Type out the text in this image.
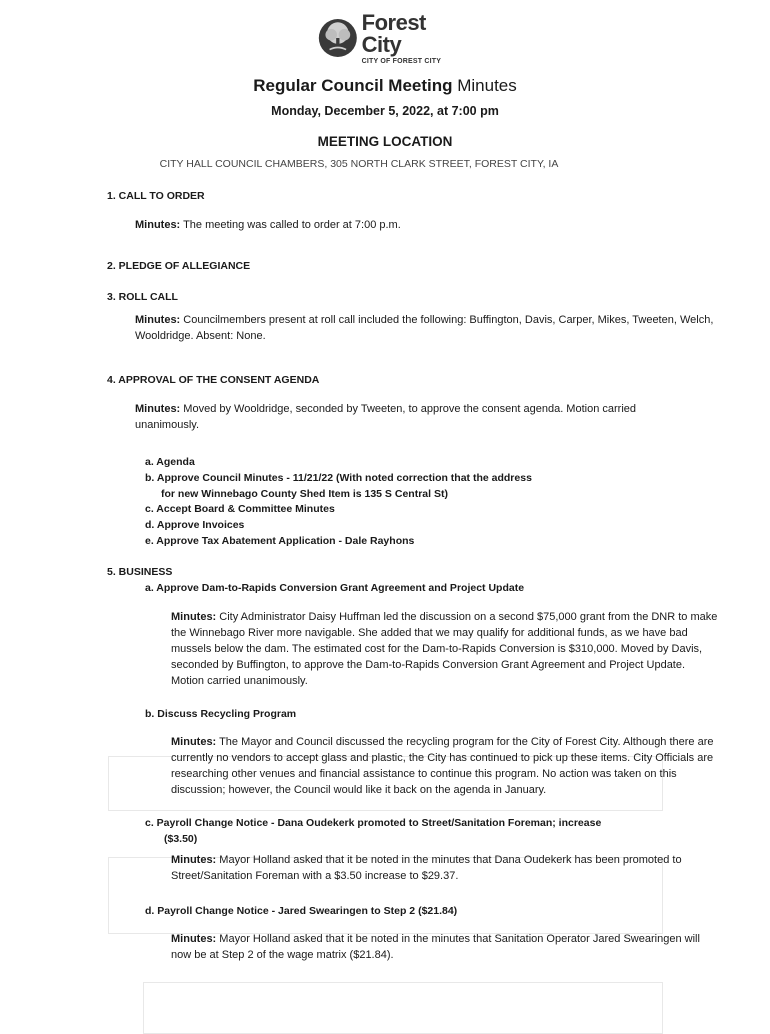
Forest City
CITY OF FOREST CITY
Regular Council Meeting Minutes
Monday, December 5, 2022, at 7:00 pm
MEETING LOCATION
CITY HALL COUNCIL CHAMBERS, 305 NORTH CLARK STREET, FOREST CITY, IA
1. CALL TO ORDER
Minutes: The meeting was called to order at 7:00 p.m.
2. PLEDGE OF ALLEGIANCE
3. ROLL CALL
Minutes: Councilmembers present at roll call included the following: Buffington, Davis, Carper, Mikes, Tweeten, Welch, Wooldridge. Absent: None.
4. APPROVAL OF THE CONSENT AGENDA
Minutes: Moved by Wooldridge, seconded by Tweeten, to approve the consent agenda. Motion carried unanimously.
a. Agenda
b. Approve Council Minutes - 11/21/22 (With noted correction that the address
for new Winnebago County Shed Item is 135 S Central St)
c. Accept Board & Committee Minutes
d. Approve Invoices
e. Approve Tax Abatement Application - Dale Rayhons
5. BUSINESS
a. Approve Dam-to-Rapids Conversion Grant Agreement and Project Update
Minutes: City Administrator Daisy Huffman led the discussion on a second $75,000 grant from the DNR to make the Winnebago River more navigable. She added that we may qualify for additional funds, as we have bad mussels below the dam. The estimated cost for the Dam-to-Rapids Conversion is $310,000. Moved by Davis, seconded by Buffington, to approve the Dam-to-Rapids Conversion Grant Agreement and Project Update. Motion carried unanimously.
b. Discuss Recycling Program
Minutes: The Mayor and Council discussed the recycling program for the City of Forest City. Although there are currently no vendors to accept glass and plastic, the City has continued to pick up these items. City Officials are researching other venues and financial assistance to continue this program. No action was taken on this discussion; however, the Council would like it back on the agenda in January.
c. Payroll Change Notice - Dana Oudekerk promoted to Street/Sanitation Foreman; increase
($3.50)
Minutes: Mayor Holland asked that it be noted in the minutes that Dana Oudekerk has been promoted to Street/Sanitation Foreman with a $3.50 increase to $29.37.
d. Payroll Change Notice - Jared Swearingen to Step 2 ($21.84)
Minutes: Mayor Holland asked that it be noted in the minutes that Sanitation Operator Jared Swearingen will now be at Step 2 of the wage matrix ($21.84).
